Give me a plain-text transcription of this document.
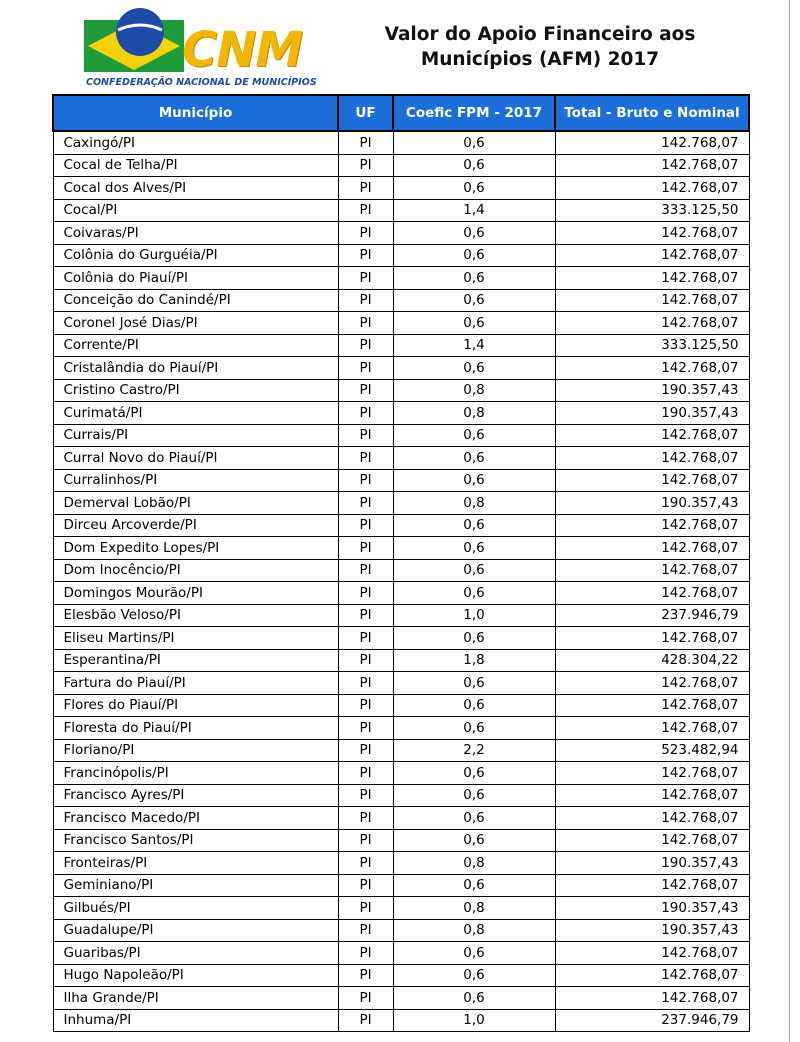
CNM
CONFEDERAÇÃO NACIONAL DE MUNICÍPIOS
Valor do Apoio Financeiro aos
Municípios (AFM) 2017
Município	UF	Coefic FPM - 2017	Total - Bruto e Nominal
Caxingó/PI	PI	0,6	142.768,07
Cocal de Telha/PI	PI	0,6	142.768,07
Cocal dos Alves/PI	PI	0,6	142.768,07
Cocal/PI	PI	1,4	333.125,50
Coivaras/PI	PI	0,6	142.768,07
Colônia do Gurguéia/PI	PI	0,6	142.768,07
Colônia do Piauí/PI	PI	0,6	142.768,07
Conceição do Canindé/PI	PI	0,6	142.768,07
Coronel José Dias/PI	PI	0,6	142.768,07
Corrente/PI	PI	1,4	333.125,50
Cristalândia do Piauí/PI	PI	0,6	142.768,07
Cristino Castro/PI	PI	0,8	190.357,43
Curimatá/PI	PI	0,8	190.357,43
Currais/PI	PI	0,6	142.768,07
Curral Novo do Piauí/PI	PI	0,6	142.768,07
Curralinhos/PI	PI	0,6	142.768,07
Demerval Lobão/PI	PI	0,8	190.357,43
Dirceu Arcoverde/PI	PI	0,6	142.768,07
Dom Expedito Lopes/PI	PI	0,6	142.768,07
Dom Inocêncio/PI	PI	0,6	142.768,07
Domingos Mourão/PI	PI	0,6	142.768,07
Elesbão Veloso/PI	PI	1,0	237.946,79
Eliseu Martins/PI	PI	0,6	142.768,07
Esperantina/PI	PI	1,8	428.304,22
Fartura do Piauí/PI	PI	0,6	142.768,07
Flores do Piauí/PI	PI	0,6	142.768,07
Floresta do Piauí/PI	PI	0,6	142.768,07
Floriano/PI	PI	2,2	523.482,94
Francinópolis/PI	PI	0,6	142.768,07
Francisco Ayres/PI	PI	0,6	142.768,07
Francisco Macedo/PI	PI	0,6	142.768,07
Francisco Santos/PI	PI	0,6	142.768,07
Fronteiras/PI	PI	0,8	190.357,43
Geminiano/PI	PI	0,6	142.768,07
Gilbués/PI	PI	0,8	190.357,43
Guadalupe/PI	PI	0,8	190.357,43
Guaribas/PI	PI	0,6	142.768,07
Hugo Napoleão/PI	PI	0,6	142.768,07
Ilha Grande/PI	PI	0,6	142.768,07
Inhuma/PI	PI	1,0	237.946,79
